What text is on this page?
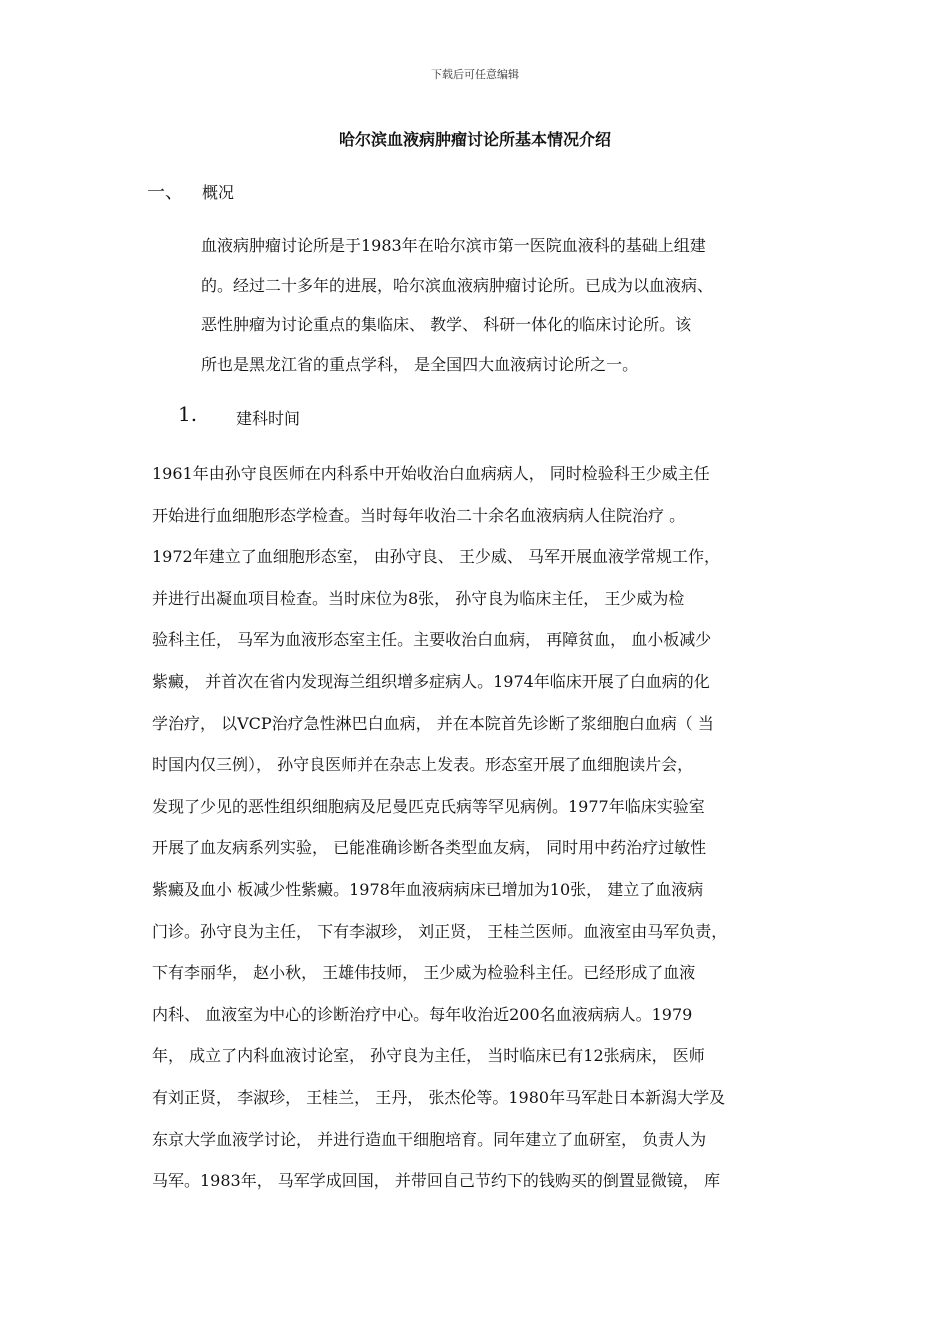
下载后可任意编辑
哈尔滨血液病肿瘤讨论所基本情况介绍
一、 概况
血液病肿瘤讨论所是于1983年在哈尔滨市第一医院血液科的基础上组建
的。经过二十多年的进展，哈尔滨血液病肿瘤讨论所。已成为以血液病、
恶性肿瘤为讨论重点的集临床、 教学、 科研一体化的临床讨论所。该
所也是黑龙江省的重点学科， 是全国四大血液病讨论所之一。
1. 建科时间
1961年由孙守良医师在内科系中开始收治白血病病人， 同时检验科王少威主任
开始进行血细胞形态学检查。当时每年收治二十余名血液病病人住院治疗 。
1972年建立了血细胞形态室， 由孙守良、 王少威、 马军开展血液学常规工作，
并进行出凝血项目检查。当时床位为8张， 孙守良为临床主任， 王少威为检
验科主任， 马军为血液形态室主任。主要收治白血病， 再障贫血， 血小板减少
紫癜， 并首次在省内发现海兰组织增多症病人。1974年临床开展了白血病的化
学治疗， 以VCP治疗急性淋巴白血病， 并在本院首先诊断了浆细胞白血病（ 当
时国内仅三例）， 孙守良医师并在杂志上发表。形态室开展了血细胞读片会，
发现了少见的恶性组织细胞病及尼曼匹克氏病等罕见病例。1977年临床实验室
开展了血友病系列实验， 已能准确诊断各类型血友病， 同时用中药治疗过敏性
紫癜及血小 板减少性紫癜。1978年血液病病床已增加为10张， 建立了血液病
门诊。孙守良为主任， 下有李淑珍， 刘正贤， 王桂兰医师。血液室由马军负责，
下有李丽华， 赵小秋， 王雄伟技师， 王少威为检验科主任。已经形成了血液
内科、 血液室为中心的诊断治疗中心。每年收治近200名血液病病人。1979
年， 成立了内科血液讨论室， 孙守良为主任， 当时临床已有12张病床， 医师
有刘正贤， 李淑珍， 王桂兰， 王丹， 张杰伦等。1980年马军赴日本新潟大学及
东京大学血液学讨论， 并进行造血干细胞培育。同年建立了血研室， 负责人为
马军。1983年， 马军学成回国， 并带回自己节约下的钱购买的倒置显微镜， 库
